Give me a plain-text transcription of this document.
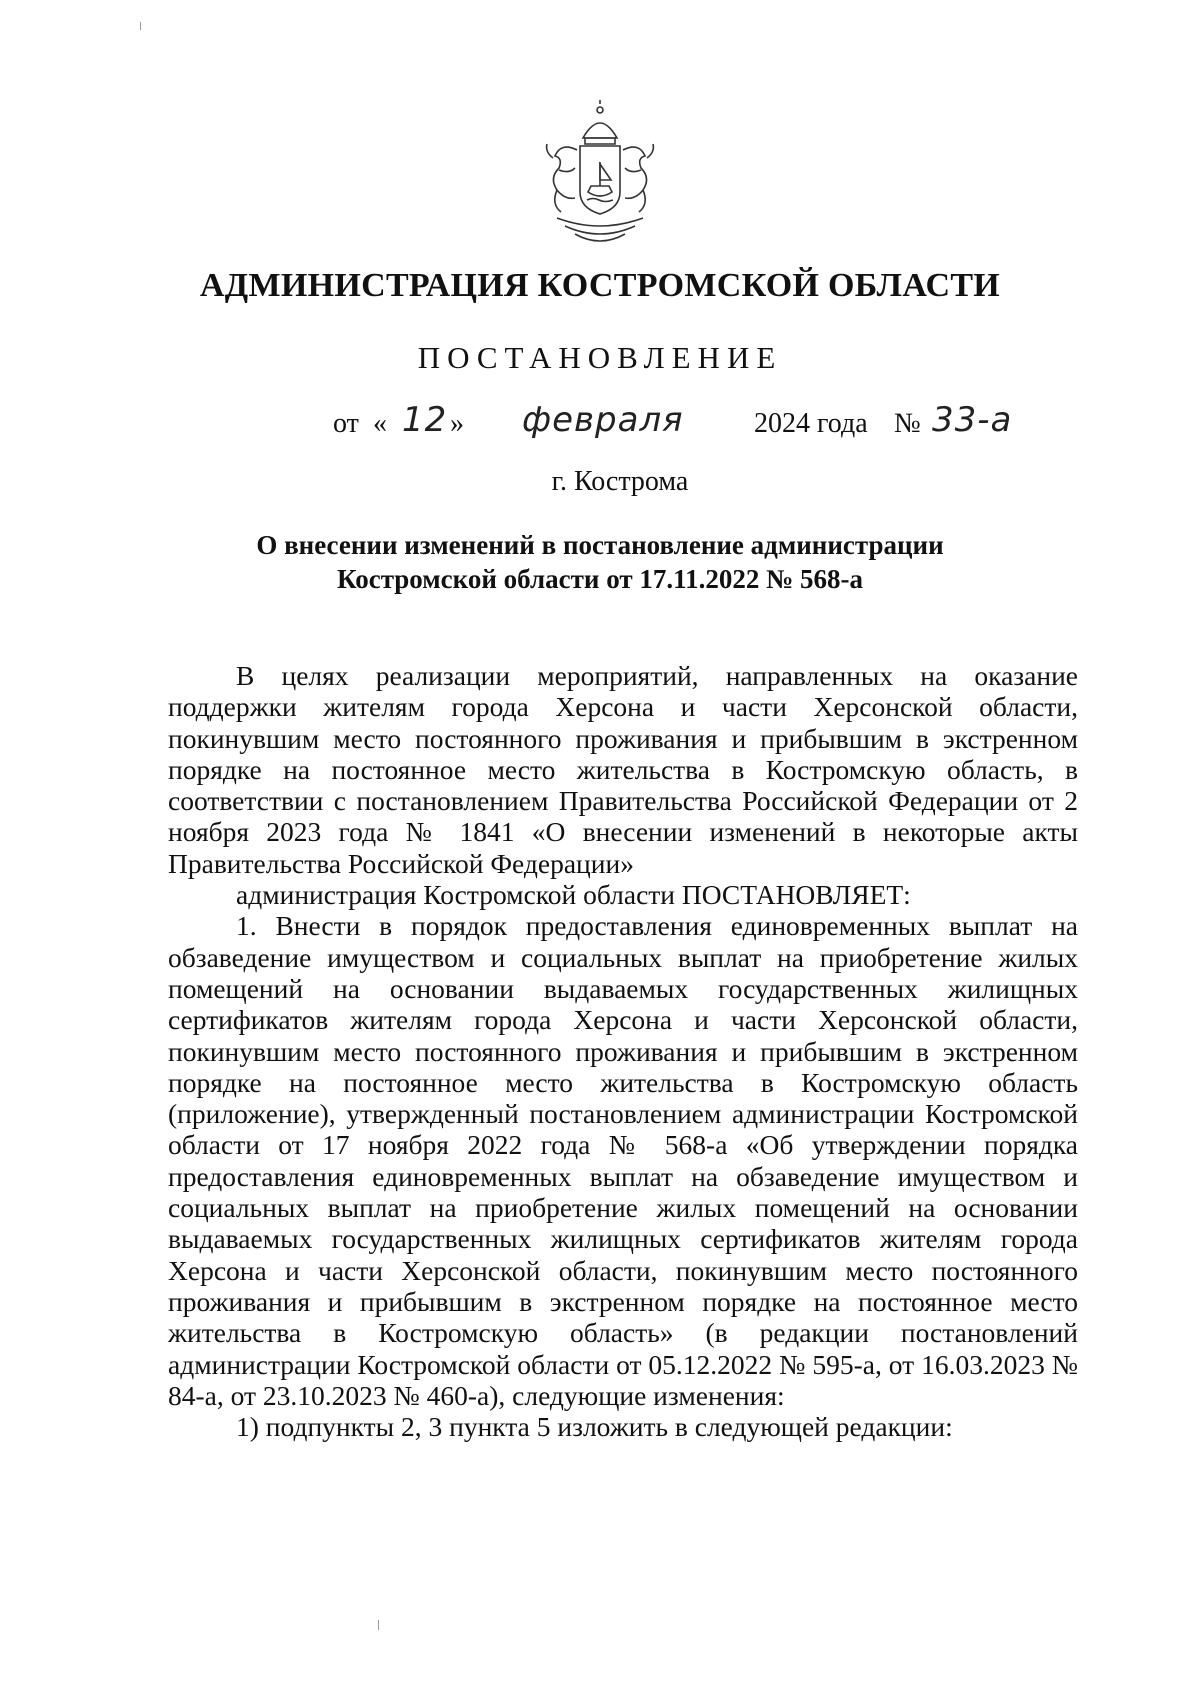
АДМИНИСТРАЦИЯ КОСТРОМСКОЙ ОБЛАСТИ
ПОСТАНОВЛЕНИЕ
от « 12 » февраля	2024 года № 33-а
г. Кострома
О внесении изменений в постановление администрации
Костромской области от 17.11.2022 № 568-а

В целях реализации мероприятий, направленных на оказание поддержки жителям города Херсона и части Херсонской области, покинувшим место постоянного проживания и прибывшим в экстренном порядке на постоянное место жительства в Костромскую область, в соответствии с постановлением Правительства Российской Федерации от 2 ноября 2023 года № 1841 «О внесении изменений в некоторые акты Правительства Российской Федерации»

администрация Костромской области ПОСТАНОВЛЯЕТ:

1. Внести в порядок предоставления единовременных выплат на обзаведение имуществом и социальных выплат на приобретение жилых помещений на основании выдаваемых государственных жилищных сертификатов жителям города Херсона и части Херсонской области, покинувшим место постоянного проживания и прибывшим в экстренном порядке на постоянное место жительства в Костромскую область (приложение), утвержденный постановлением администрации Костромской области от 17 ноября 2022 года № 568-а «Об утверждении порядка предоставления единовременных выплат на обзаведение имуществом и социальных выплат на приобретение жилых помещений на основании выдаваемых государственных жилищных сертификатов жителям города Херсона и части Херсонской области, покинувшим место постоянного проживания и прибывшим в экстренном порядке на постоянное место жительства в Костромскую область» (в редакции постановлений администрации Костромской области от 05.12.2022 № 595-а, от 16.03.2023 № 84-а, от 23.10.2023 № 460-а), следующие изменения:

1) подпункты 2, 3 пункта 5 изложить в следующей редакции:
